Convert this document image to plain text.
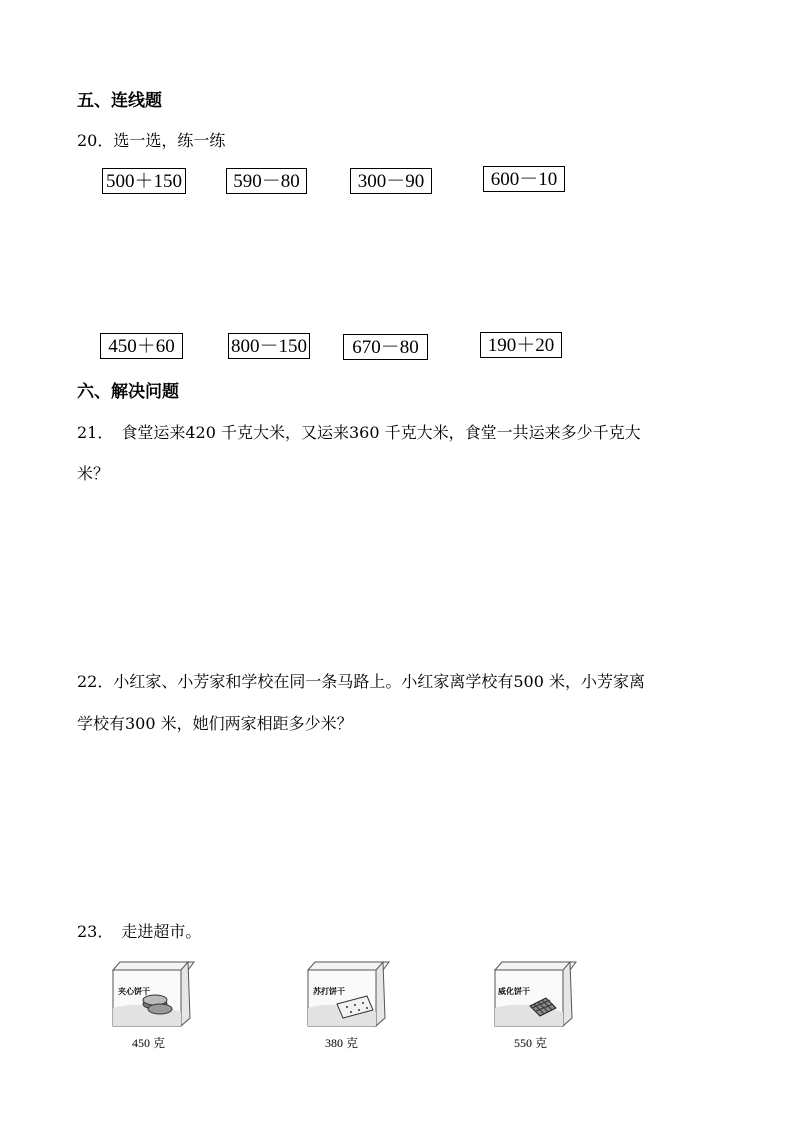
五、连线题
20．选一选，练一练
500＋150	590－80	300－90	600－10
450＋60	800－150	670－80	190＋20
六、解决问题
21．　食堂运来420 千克大米，又运来360 千克大米，食堂一共运来多少千克大
米？
22．小红家、小芳家和学校在同一条马路上。小红家离学校有500 米，小芳家离
学校有300 米，她们两家相距多少米？
23．　走进超市。
夹心饼干
450 克
苏打饼干
380 克
威化饼干
550 克
